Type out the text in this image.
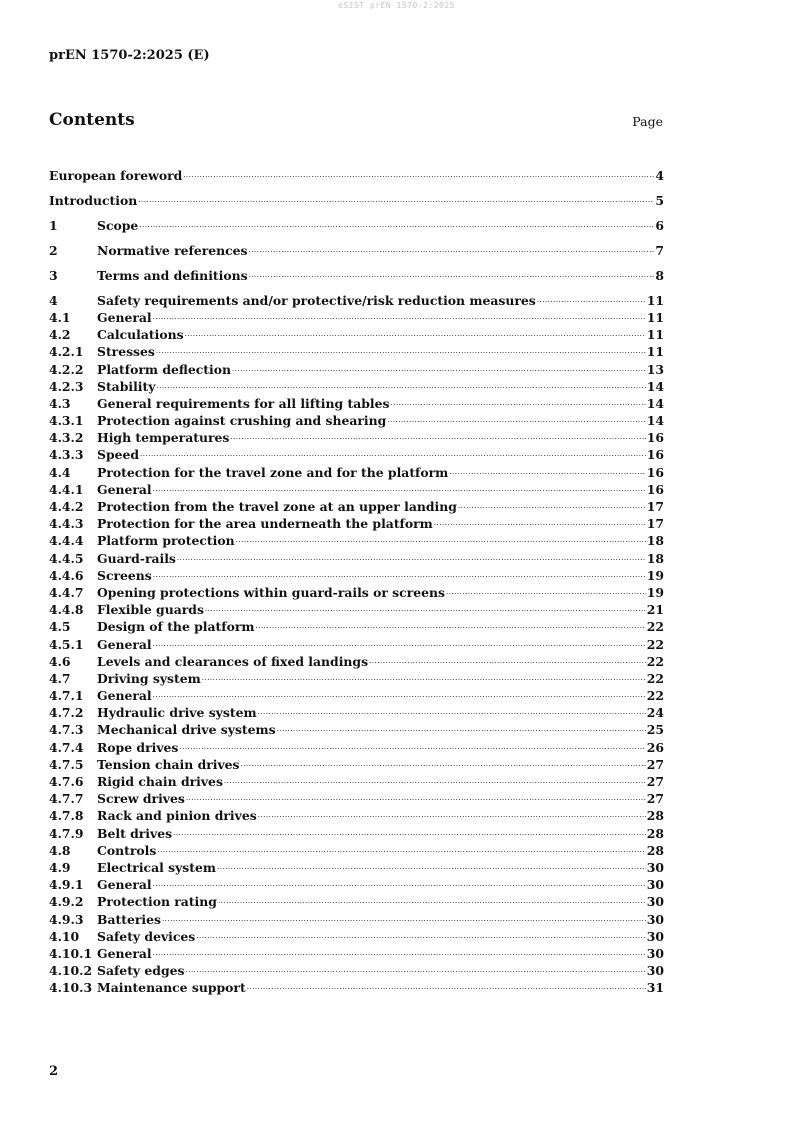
oSIST prEN 1570-2:2025
prEN 1570-2:2025 (E)
Contents	Page
European foreword .....	4
Introduction .....	5
1	Scope .....	6
2	Normative references .....	7
3	Terms and definitions .....	8
4	Safety requirements and/or protective/risk reduction measures .....	11
4.1	General .....	11
4.2	Calculations .....	11
4.2.1	Stresses .....	11
4.2.2	Platform deflection .....	13
4.2.3	Stability .....	14
4.3	General requirements for all lifting tables .....	14
4.3.1	Protection against crushing and shearing .....	14
4.3.2	High temperatures .....	16
4.3.3	Speed .....	16
4.4	Protection for the travel zone and for the platform .....	16
4.4.1	General .....	16
4.4.2	Protection from the travel zone at an upper landing .....	17
4.4.3	Protection for the area underneath the platform .....	17
4.4.4	Platform protection .....	18
4.4.5	Guard-rails .....	18
4.4.6	Screens .....	19
4.4.7	Opening protections within guard-rails or screens .....	19
4.4.8	Flexible guards .....	21
4.5	Design of the platform .....	22
4.5.1	General .....	22
4.6	Levels and clearances of fixed landings .....	22
4.7	Driving system .....	22
4.7.1	General .....	22
4.7.2	Hydraulic drive system .....	24
4.7.3	Mechanical drive systems .....	25
4.7.4	Rope drives .....	26
4.7.5	Tension chain drives .....	27
4.7.6	Rigid chain drives .....	27
4.7.7	Screw drives .....	27
4.7.8	Rack and pinion drives .....	28
4.7.9	Belt drives .....	28
4.8	Controls .....	28
4.9	Electrical system .....	30
4.9.1	General .....	30
4.9.2	Protection rating .....	30
4.9.3	Batteries .....	30
4.10	Safety devices .....	30
4.10.1 General .....	30
4.10.2 Safety edges .....	30
4.10.3 Maintenance support .....	31
2
